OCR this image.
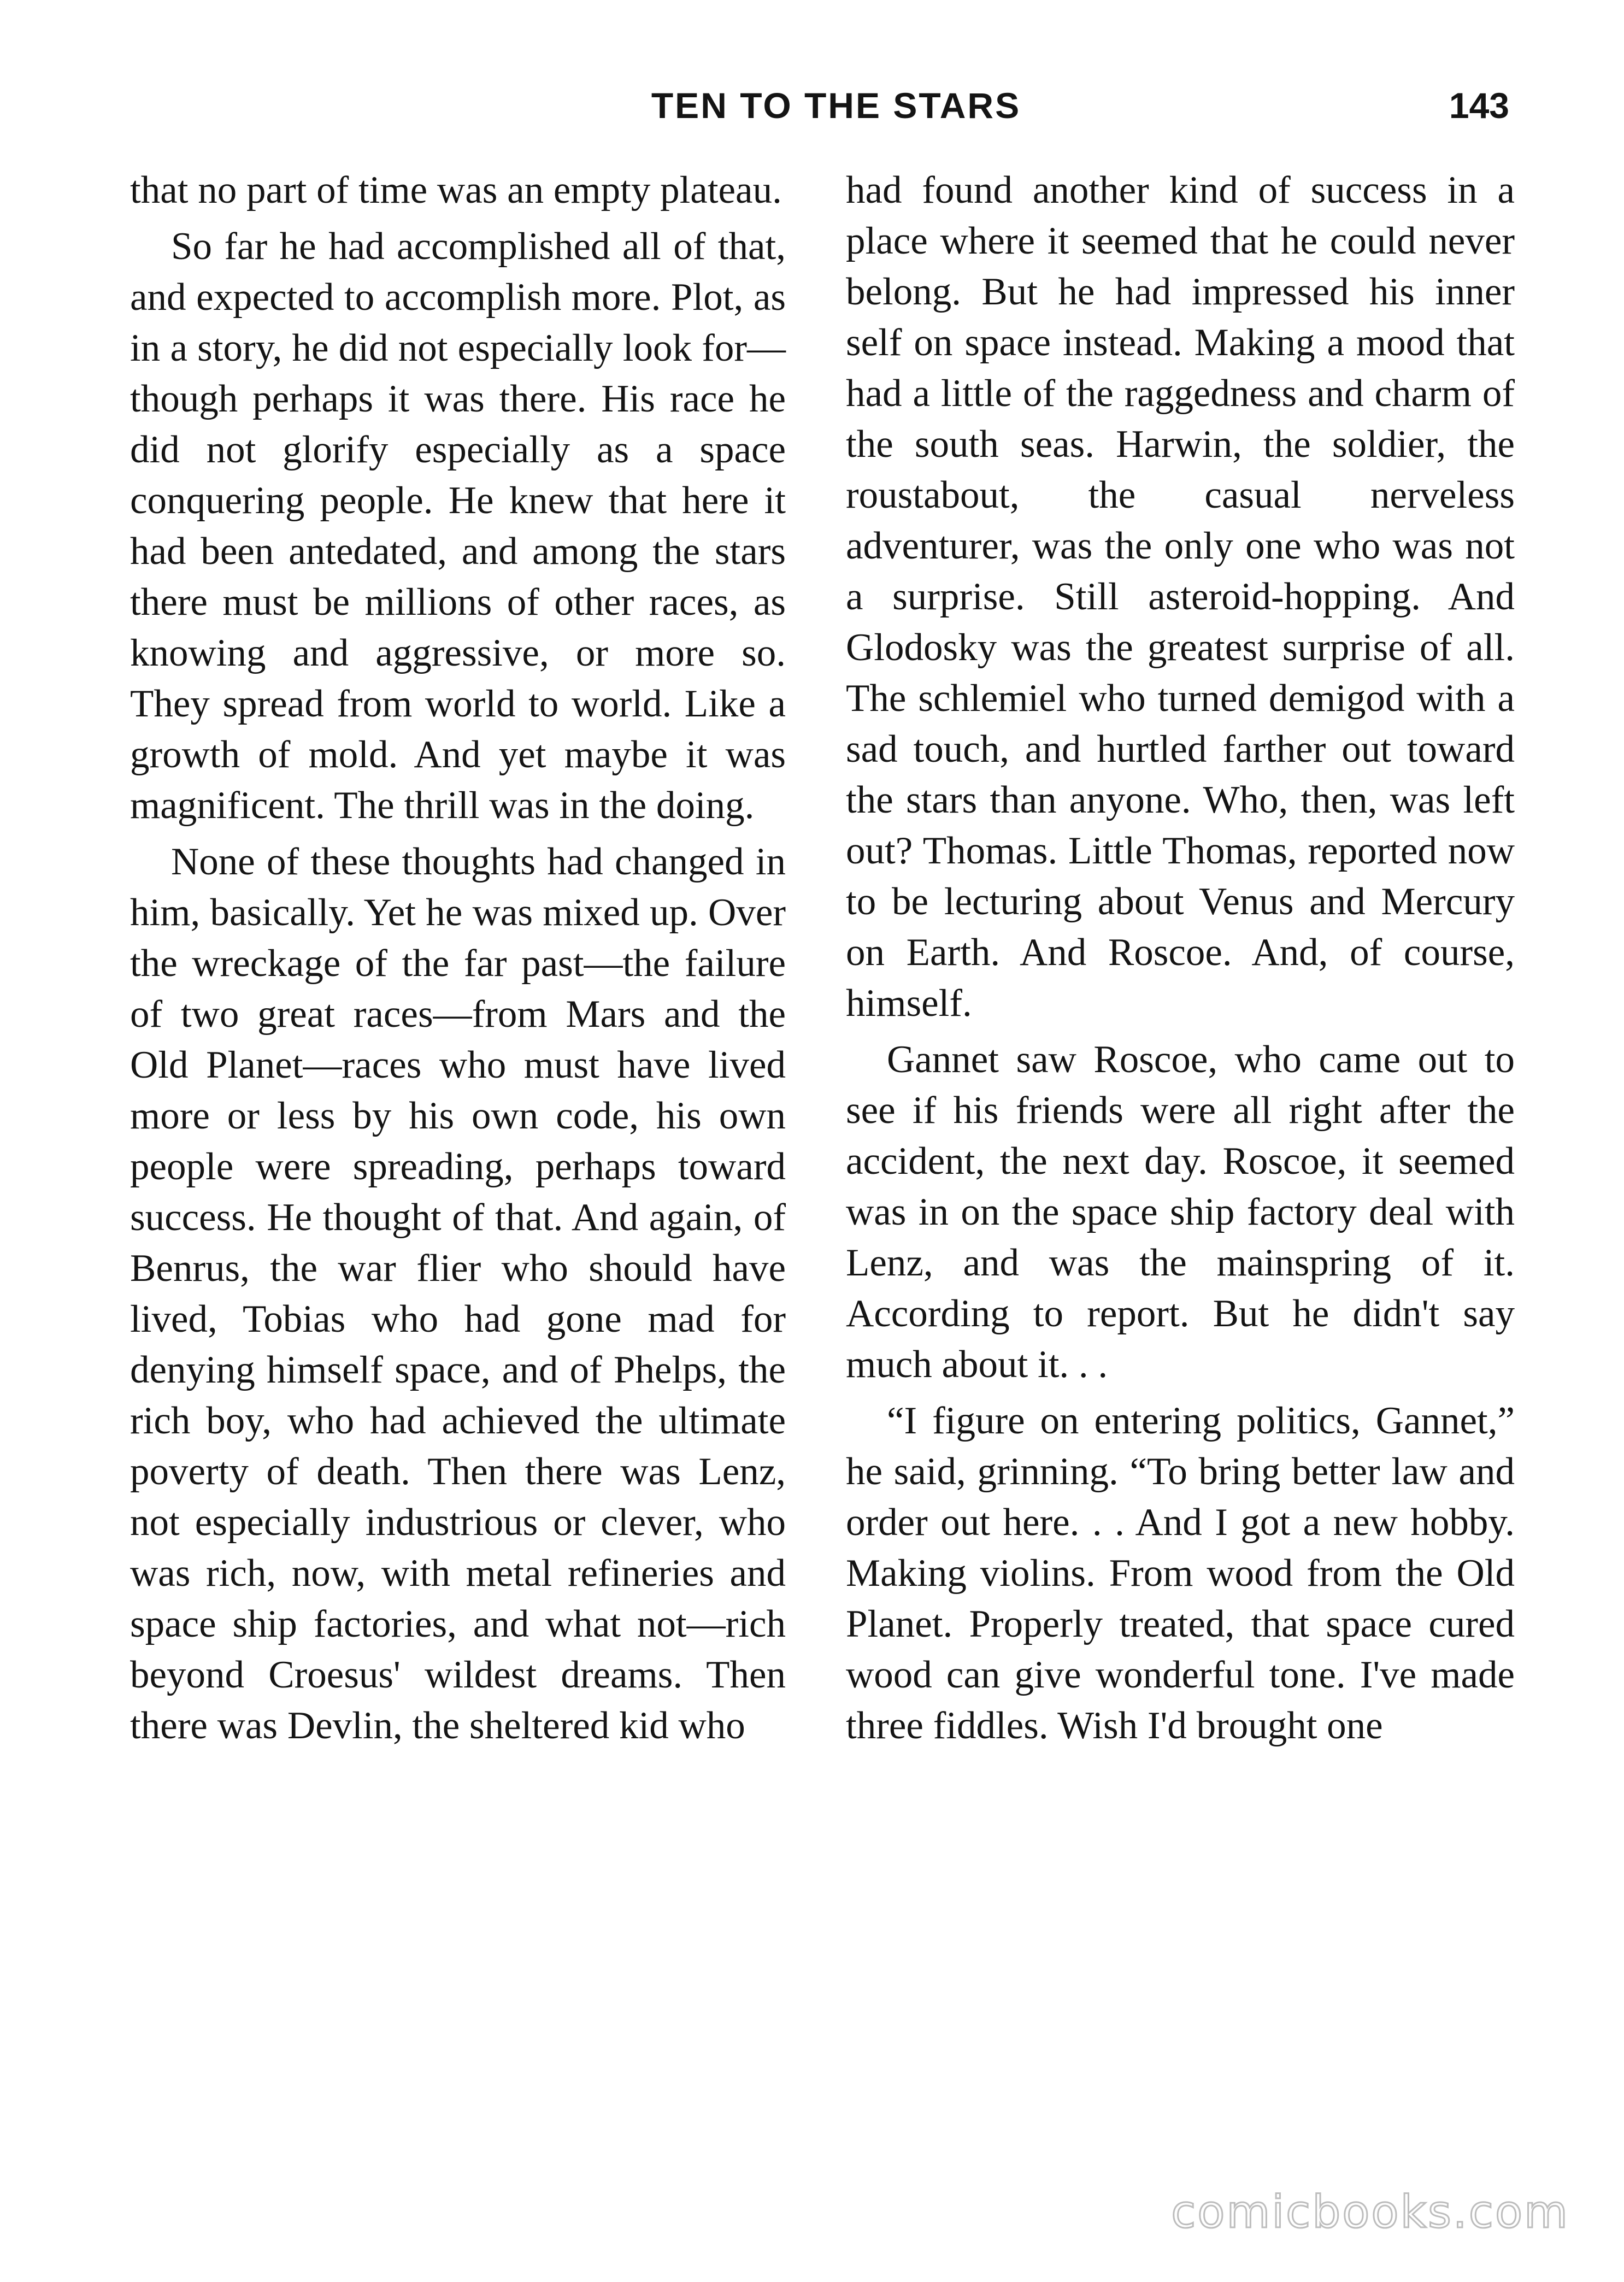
TEN TO THE STARS	143

that no part of time was an empty plateau.

So far he had accomplished all of that, and expected to accomplish more. Plot, as in a story, he did not especially look for—though perhaps it was there. His race he did not glorify especially as a space conquering people. He knew that here it had been antedated, and among the stars there must be millions of other races, as knowing and aggressive, or more so. They spread from world to world. Like a growth of mold. And yet maybe it was magnificent. The thrill was in the doing.

None of these thoughts had changed in him, basically. Yet he was mixed up. Over the wreckage of the far past—the failure of two great races—from Mars and the Old Planet—races who must have lived more or less by his own code, his own people were spreading, perhaps toward success. He thought of that. And again, of Benrus, the war flier who should have lived, Tobias who had gone mad for denying himself space, and of Phelps, the rich boy, who had achieved the ultimate poverty of death. Then there was Lenz, not especially industrious or clever, who was rich, now, with metal refineries and space ship factories, and what not—rich beyond Croesus' wildest dreams. Then there was Devlin, the sheltered kid who

had found another kind of success in a place where it seemed that he could never belong. But he had impressed his inner self on space instead. Making a mood that had a little of the raggedness and charm of the south seas. Harwin, the soldier, the roustabout, the casual nerveless adventurer, was the only one who was not a surprise. Still asteroid-hopping. And Glodosky was the greatest surprise of all. The schlemiel who turned demigod with a sad touch, and hurtled farther out toward the stars than anyone. Who, then, was left out? Thomas. Little Thomas, reported now to be lecturing about Venus and Mercury on Earth. And Roscoe. And, of course, himself.

Gannet saw Roscoe, who came out to see if his friends were all right after the accident, the next day. Roscoe, it seemed was in on the space ship factory deal with Lenz, and was the mainspring of it. According to report. But he didn't say much about it. . .

“I figure on entering politics, Gannet,” he said, grinning. “To bring better law and order out here. . . And I got a new hobby. Making violins. From wood from the Old Planet. Properly treated, that space cured wood can give wonderful tone. I've made three fiddles. Wish I'd brought one

comicbooks.com
